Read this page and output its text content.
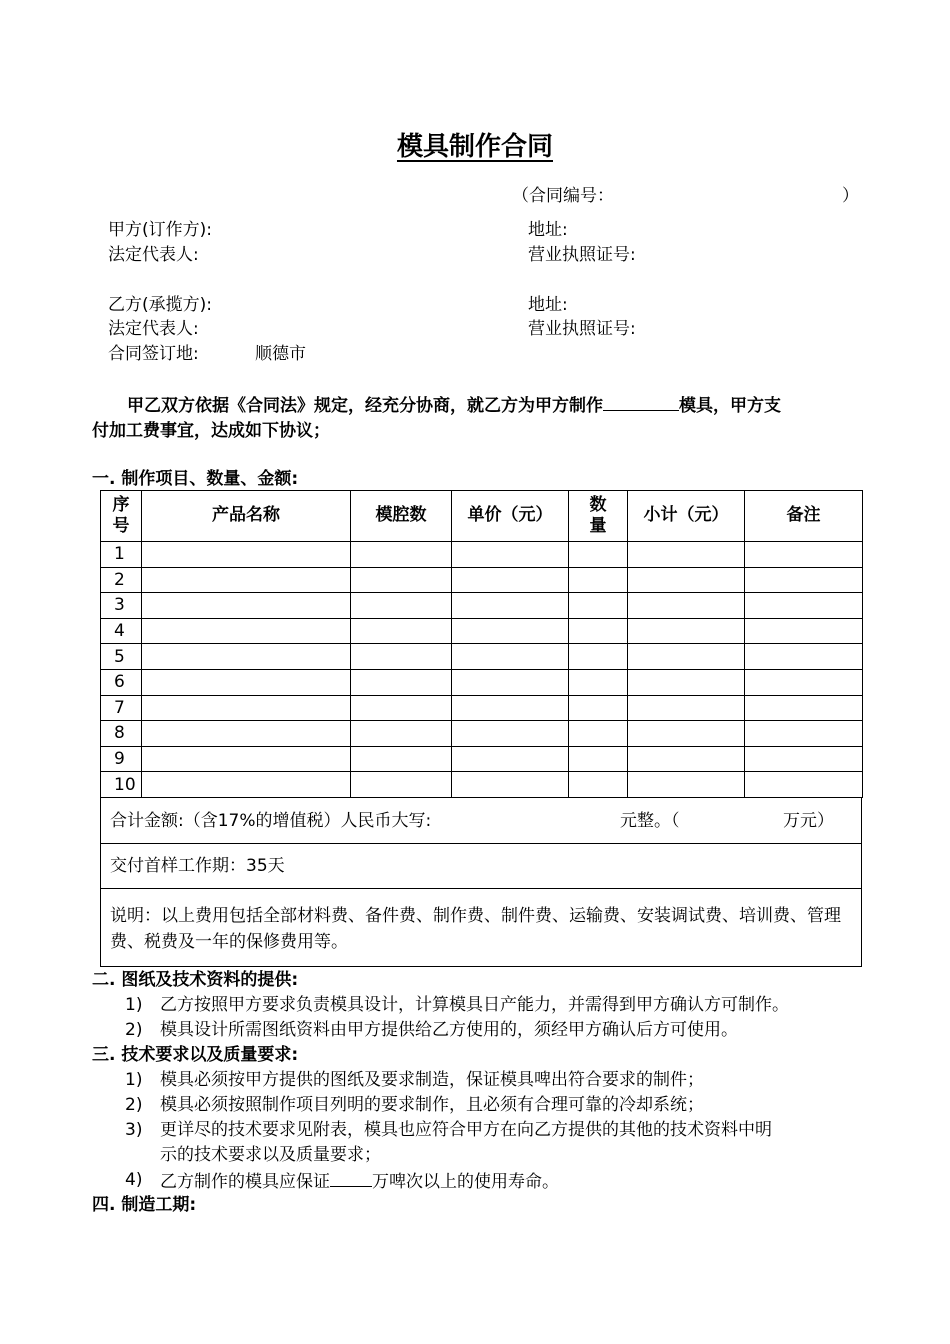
模具制作合同
（合同编号：	）
甲方(订作方):	地址:
法定代表人:	营业执照证号:
乙方(承揽方):	地址:
法定代表人:	营业执照证号:
合同签订地:	顺德市
甲乙双方依据《合同法》规定，经充分协商，就乙方为甲方制作	模具，甲方支
付加工费事宜，达成如下协议；
一. 制作项目、数量、金额:
序号	产品名称	模腔数	单价（元）	数量	小计（元）	备注
1						
2						
3						
4						
5						
6						
7						
8						
9						
10						
合计金额:（含17%的增值税）人民币大写:	元整。（	万元）
交付首样工作期：35天
说明：以上费用包括全部材料费、备件费、制作费、制件费、运输费、安装调试费、培训费、管理费、税费及一年的保修费用等。
二. 图纸及技术资料的提供:
1) 乙方按照甲方要求负责模具设计，计算模具日产能力，并需得到甲方确认方可制作。
2) 模具设计所需图纸资料由甲方提供给乙方使用的，须经甲方确认后方可使用。
三. 技术要求以及质量要求:
1) 模具必须按甲方提供的图纸及要求制造，保证模具啤出符合要求的制件；
2) 模具必须按照制作项目列明的要求制作，且必须有合理可靠的冷却系统；
3) 更详尽的技术要求见附表，模具也应符合甲方在向乙方提供的其他的技术资料中明
示的技术要求以及质量要求；
4) 乙方制作的模具应保证 万啤次以上的使用寿命。
四. 制造工期:
